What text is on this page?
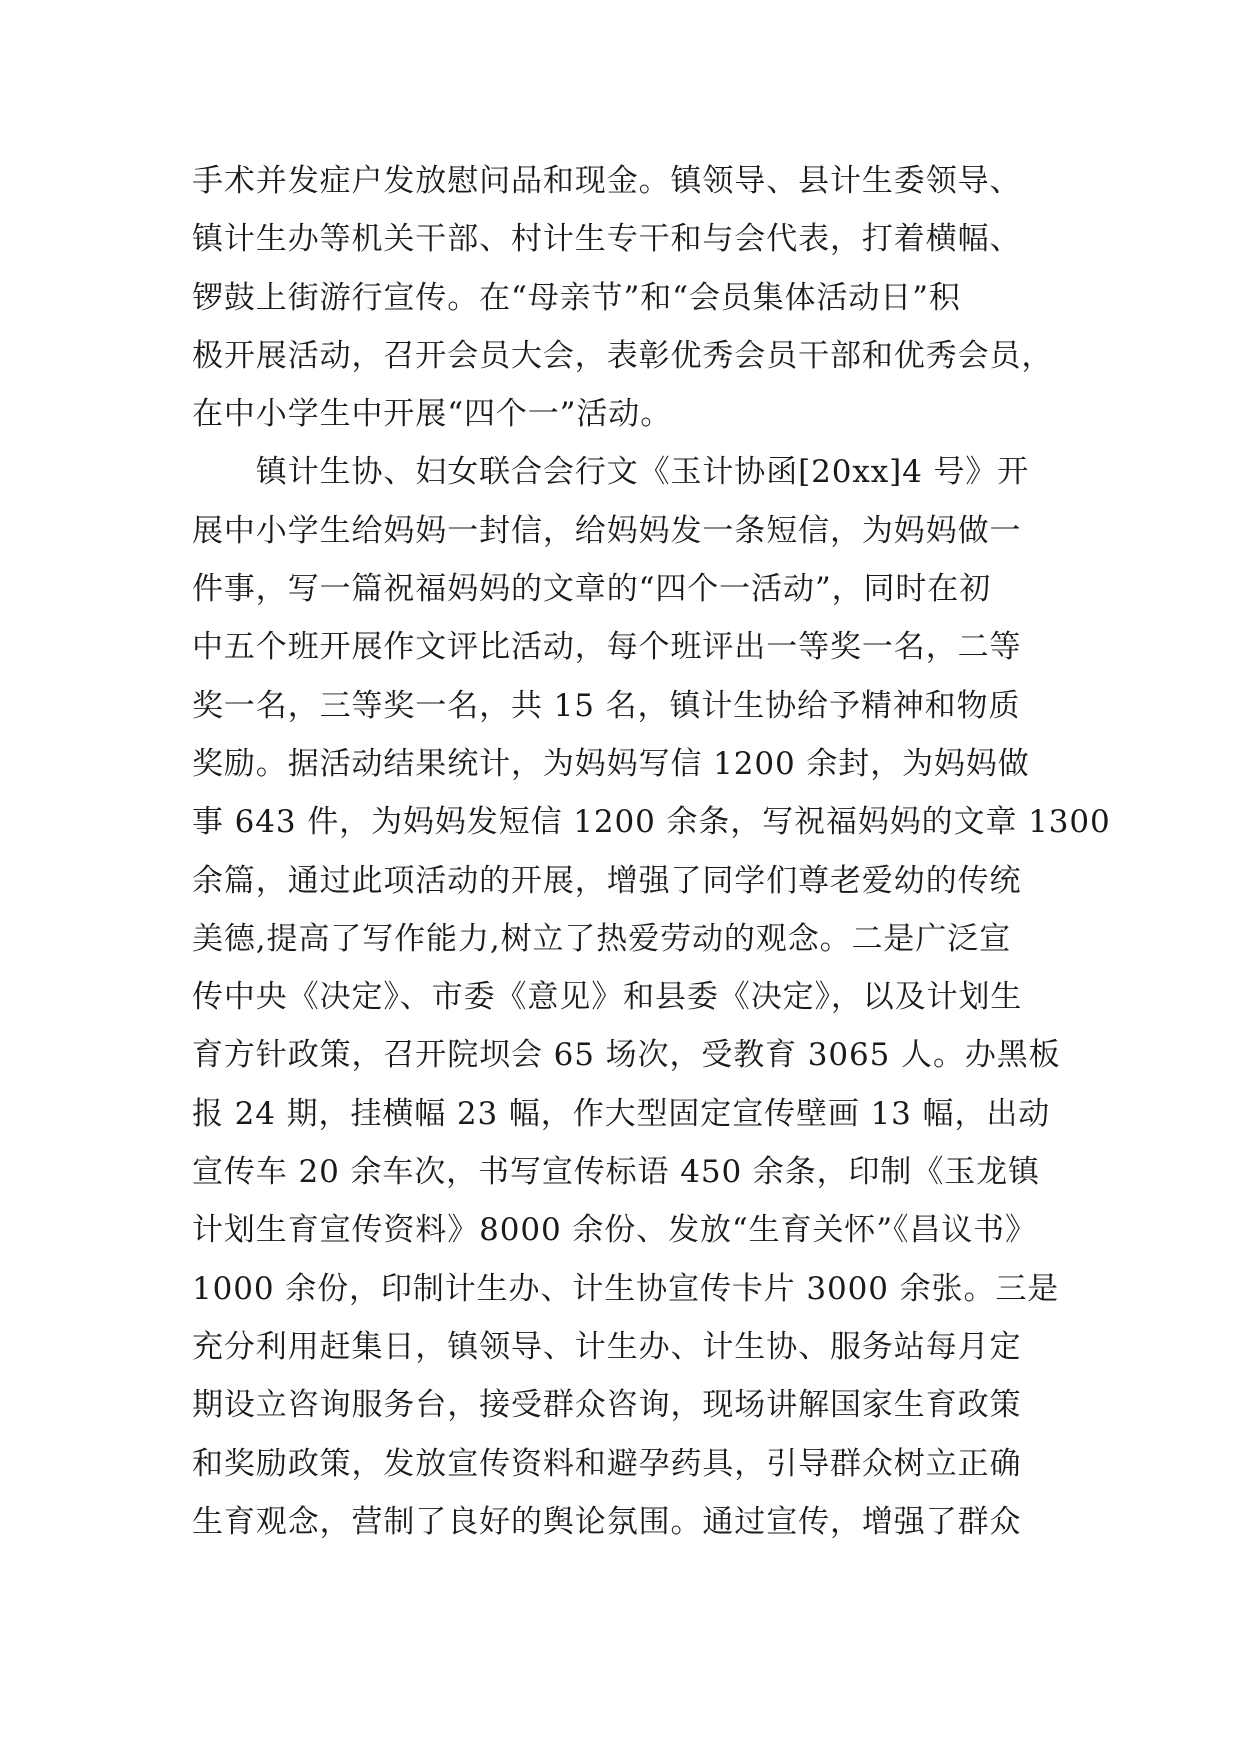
手术并发症户发放慰问品和现金。镇领导、县计生委领导、
镇计生办等机关干部、村计生专干和与会代表，打着横幅、
锣鼓上街游行宣传。在“母亲节”和“会员集体活动日”积
极开展活动，召开会员大会，表彰优秀会员干部和优秀会员，
在中小学生中开展“四个一”活动。
　　镇计生协、妇女联合会行文《玉计协函[20xx]4 号》开
展中小学生给妈妈一封信，给妈妈发一条短信，为妈妈做一
件事，写一篇祝福妈妈的文章的“四个一活动”，同时在初
中五个班开展作文评比活动，每个班评出一等奖一名，二等
奖一名，三等奖一名，共 15 名，镇计生协给予精神和物质
奖励。据活动结果统计，为妈妈写信 1200 余封，为妈妈做
事 643 件，为妈妈发短信 1200 余条，写祝福妈妈的文章 1300
余篇，通过此项活动的开展，增强了同学们尊老爱幼的传统
美德,提高了写作能力,树立了热爱劳动的观念。二是广泛宣
传中央《决定》、市委《意见》和县委《决定》，以及计划生
育方针政策，召开院坝会 65 场次，受教育 3065 人。办黑板
报 24 期，挂横幅 23 幅，作大型固定宣传壁画 13 幅，出动
宣传车 20 余车次，书写宣传标语 450 余条，印制《玉龙镇
计划生育宣传资料》8000 余份、发放“生育关怀”《昌议书》
1000 余份，印制计生办、计生协宣传卡片 3000 余张。三是
充分利用赶集日，镇领导、计生办、计生协、服务站每月定
期设立咨询服务台，接受群众咨询，现场讲解国家生育政策
和奖励政策，发放宣传资料和避孕药具，引导群众树立正确
生育观念，营制了良好的舆论氛围。通过宣传，增强了群众
